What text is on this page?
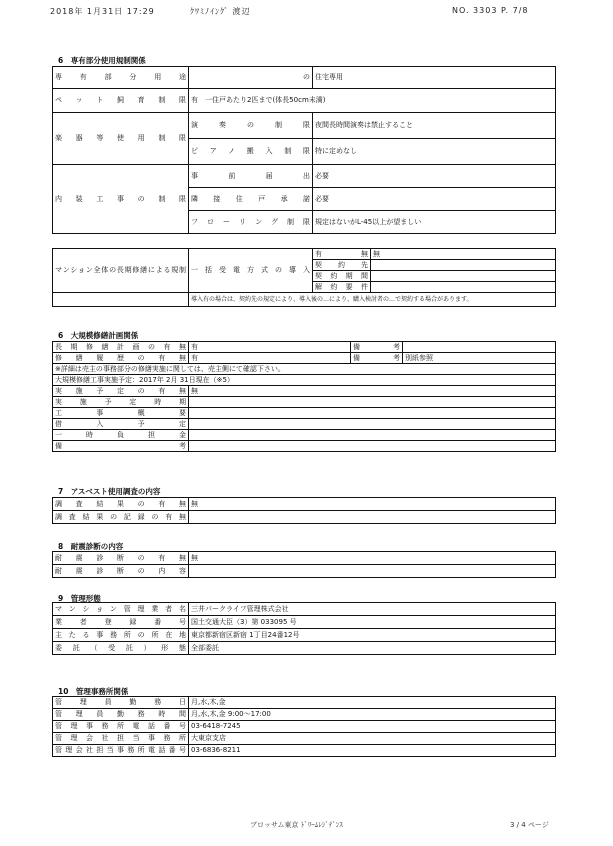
2018年 1月31日 17:29	ｸﾜﾐﾉｲﾝｸﾞ 渡辺	NO. 3303 P. 7/8
6　専有部分使用規制関係
専有部分用途	の	住宅専用
ペット飼育制限	有　一住戸あたり2匹まで(体長50cm未満)	
楽器等使用制限	演奏の制限	夜間長時間演奏は禁止すること
	ピアノ搬入制限	特に定めなし
内装工事の制限	事前届出	必要
	隣接住戸承諾	必要
	フローリング制限	規定はないがL-45以上が望ましい
マンション全体の長期修繕による規制	一括受電方式の導入	有無	無
		契約先	
		契約期間	
		解約要件	
	導入有の場合は、契約先の規定により、導入後の…により、購入検討者の…で契約する場合があります。		
6　大規模修繕計画関係
長期修繕計画の有無	有	備考	
修繕履歴の有無	有	備考	別紙参照
※詳細は売主の事務部分の修繕実施に関しては、売主側にて確認下さい。			
大規模修繕工事実施予定：2017年 2月 31日現在（※5）			
実施予定の有無	無
実施予定時期	
工事概要	
借入予定	
一時負担金	
備考	
7　アスベスト使用調査の内容
調査結果の有無	無
調査結果の記録の有無	
8　耐震診断の内容
耐震診断の有無	無
耐震診断の内容	
9　管理形態
マンション管理業者名	三井パークライフ管理株式会社
業者登録番号	国土交通大臣（3）第 033095 号
主たる事務所の所在地	東京都新宿区新宿 1丁目24番12号
委託（受託）形態	全部委託
10　管理事務所関係
管理員勤務日	月,水,木,金
管理員勤務時間	月,水,木,金 9:00～17:00
管理事務所電話番号	03-6418-7245
管理会社担当事務所	大東京支店
管理会社担当事務所電話番号	03-6836-8211
ブロッサム東京 ﾄﾞﾘｰﾑﾚｼﾞﾃﾞﾝｽ	3 / 4 ページ
